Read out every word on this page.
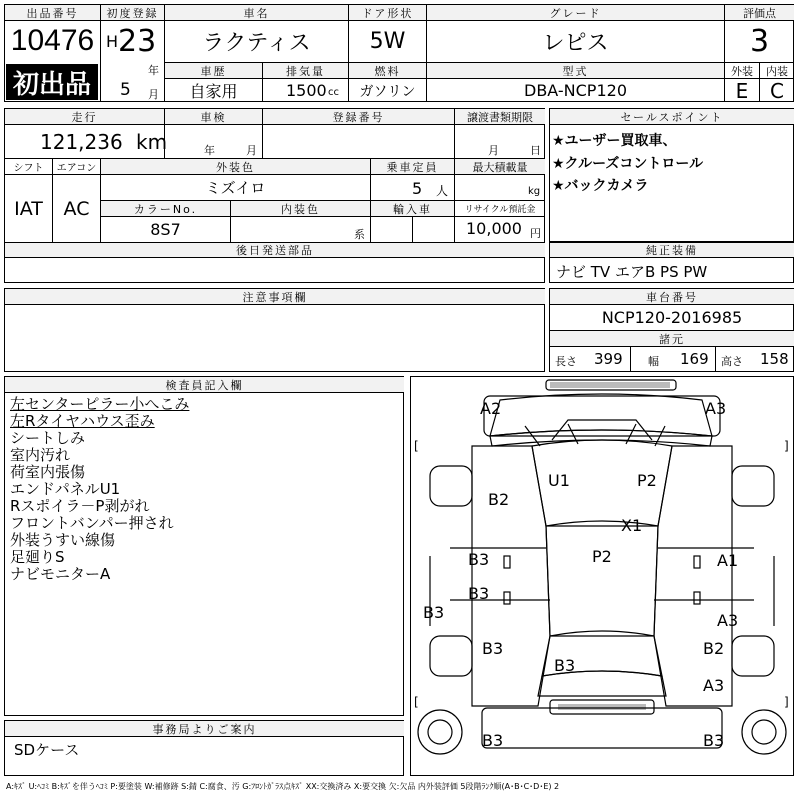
出品番号
10476
初出品
初度登録
H 23
年
5 月
車名
ラクティス
車歴
自家用
排気量
1500 cc
ドア形状
5W
燃料
ガソリン
グレード
レピス
型式
DBA-NCP120
評価点
3
外装	内装
E	C
走行
121,236 km
車検
年	月
登録番号	譲渡書類期限
月	日
シフト	エアコン
IAT	AC
外装色
ミズイロ
乗車定員
5 人
最大積載量
kg
カラーNo.
8S7
内装色
系
輸入車	リサイクル預託金
10,000 円
後日発送部品
セールスポイント
★ユーザー買取車、
★クルーズコントロール
★バックカメラ
純正装備
ナビ TV エアB PS PW
注意事項欄	車台番号
NCP120-2016985
諸元
長さ 399 幅 169 高さ 158
検査員記入欄
左センターピラー小へこみ
左Rタイヤハウス歪み
シートしみ
室内汚れ
荷室内張傷
エンドパネルU1
Rスポイラ－P剥がれ
フロントバンパー押され
外装うすい線傷
足廻りS
ナビモニターA
事務局よりご案内
SDケース
[	]
[	]
A2	A3
B2
U1	P2
X1
B3	P2	A1
B3
B3	A3
B3	B2
B3
A3
B3	B3
A:ｷｽﾞ U:ﾍｺﾐ B:ｷｽﾞを伴うﾍｺﾐ P:要塗装 W:補修跡 S:錆 C:腐食、汚 G:ﾌﾛﾝﾄｶﾞﾗｽ点ｷｽﾞ XX:交換済み X:要交換 欠:欠品 内外装評価 5段階ﾗﾝｸ順(A･B･C･D･E) 2
